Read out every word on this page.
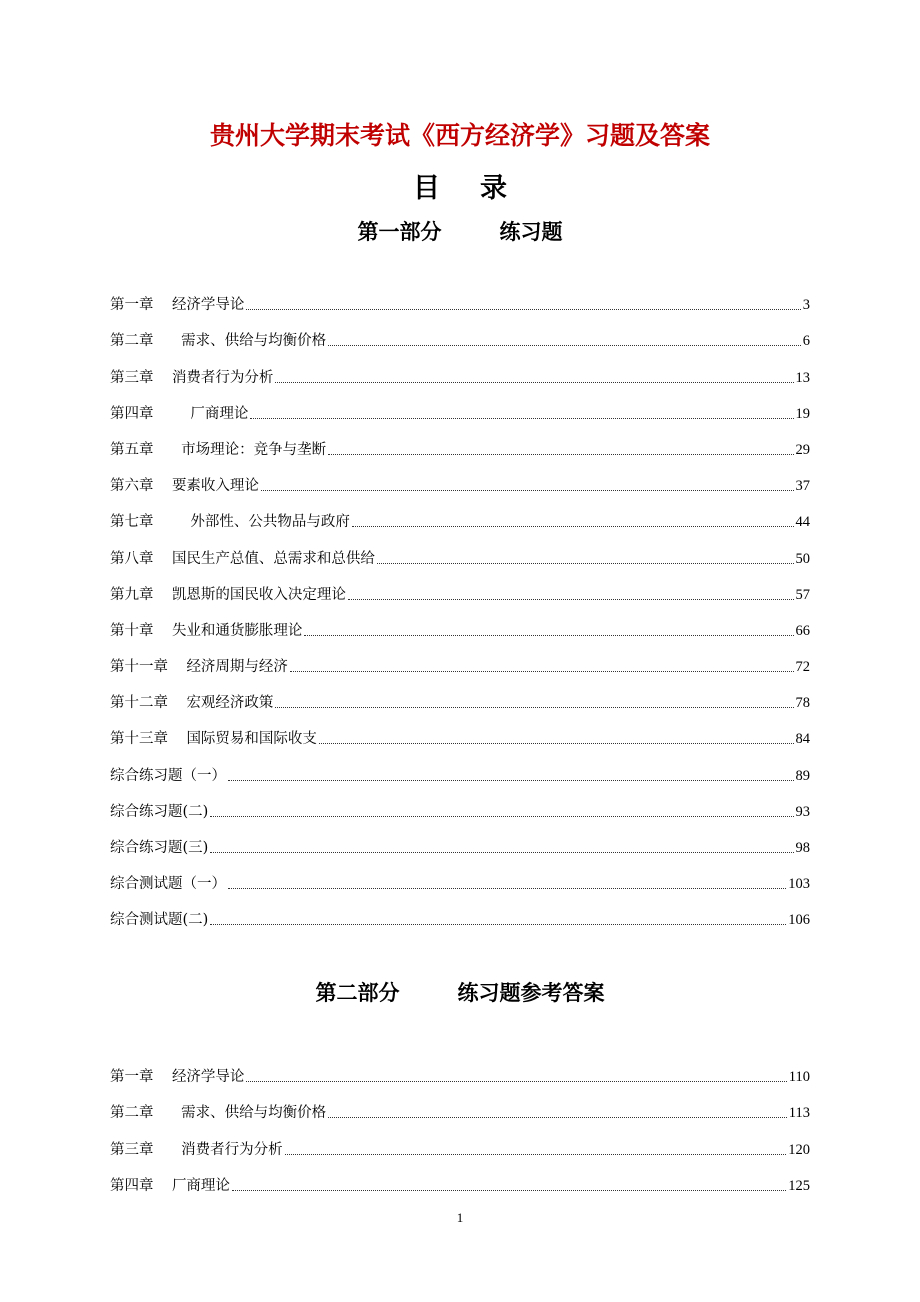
贵州大学期末考试《西方经济学》习题及答案
目 录
第一部分	练习题
第一章 经济学导论	3
第二章      需求、供给与均衡价格	6
第三章 消费者行为分析	13
第四章        厂商理论	19
第五章      市场理论：竞争与垄断	29
第六章 要素收入理论	37
第七章        外部性、公共物品与政府	44
第八章 国民生产总值、总需求和总供给	50
第九章 凯恩斯的国民收入决定理论	57
第十章 失业和通货膨胀理论	66
第十一章 经济周期与经济	72
第十二章 宏观经济政策	78
第十三章 国际贸易和国际收支	84
综合练习题（一）	89
综合练习题(二)	93
综合练习题(三)	98
综合测试题（一）	103
综合测试题(二)	106
第二部分	练习题参考答案
第一章 经济学导论	110
第二章      需求、供给与均衡价格	113
第三章      消费者行为分析	120
第四章 厂商理论	125
1
